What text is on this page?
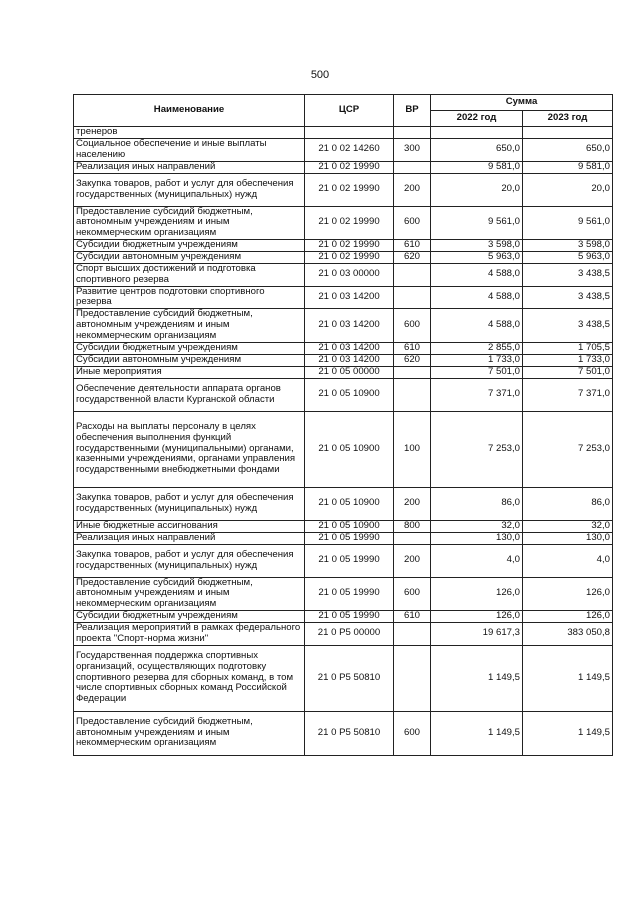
500
Наименование	ЦСР	ВР	Сумма	
			2022 год	2023 год
тренеров				
Социальное обеспечение и иные выплаты населению	21 0 02 14260	300	650,0	650,0
Реализация иных направлений	21 0 02 19990		9 581,0	9 581,0
Закупка товаров, работ и услуг для обеспечения государственных (муниципальных) нужд	21 0 02 19990	200	20,0	20,0
Предоставление субсидий бюджетным, автономным учреждениям и иным некоммерческим организациям	21 0 02 19990	600	9 561,0	9 561,0
Субсидии бюджетным учреждениям	21 0 02 19990	610	3 598,0	3 598,0
Субсидии автономным учреждениям	21 0 02 19990	620	5 963,0	5 963,0
Спорт высших достижений и подготовка спортивного резерва	21 0 03 00000		4 588,0	3 438,5
Развитие центров подготовки спортивного резерва	21 0 03 14200		4 588,0	3 438,5
Предоставление субсидий бюджетным, автономным учреждениям и иным некоммерческим организациям	21 0 03 14200	600	4 588,0	3 438,5
Субсидии бюджетным учреждениям	21 0 03 14200	610	2 855,0	1 705,5
Субсидии автономным учреждениям	21 0 03 14200	620	1 733,0	1 733,0
Иные мероприятия	21 0 05 00000		7 501,0	7 501,0
Обеспечение деятельности аппарата органов государственной власти Курганской области	21 0 05 10900		7 371,0	7 371,0
Расходы на выплаты персоналу в целях обеспечения выполнения функций государственными (муниципальными) органами, казенными учреждениями, органами управления государственными внебюджетными фондами	21 0 05 10900	100	7 253,0	7 253,0
Закупка товаров, работ и услуг для обеспечения государственных (муниципальных) нужд	21 0 05 10900	200	86,0	86,0
Иные бюджетные ассигнования	21 0 05 10900	800	32,0	32,0
Реализация иных направлений	21 0 05 19990		130,0	130,0
Закупка товаров, работ и услуг для обеспечения государственных (муниципальных) нужд	21 0 05 19990	200	4,0	4,0
Предоставление субсидий бюджетным, автономным учреждениям и иным некоммерческим организациям	21 0 05 19990	600	126,0	126,0
Субсидии бюджетным учреждениям	21 0 05 19990	610	126,0	126,0
Реализация мероприятий в рамках федерального проекта "Спорт-норма жизни"	21 0 P5 00000		19 617,3	383 050,8
Государственная поддержка спортивных организаций, осуществляющих подготовку спортивного резерва для сборных команд, в том числе спортивных сборных команд Российской Федерации	21 0 P5 50810		1 149,5	1 149,5
Предоставление субсидий бюджетным, автономным учреждениям и иным некоммерческим организациям	21 0 P5 50810	600	1 149,5	1 149,5
